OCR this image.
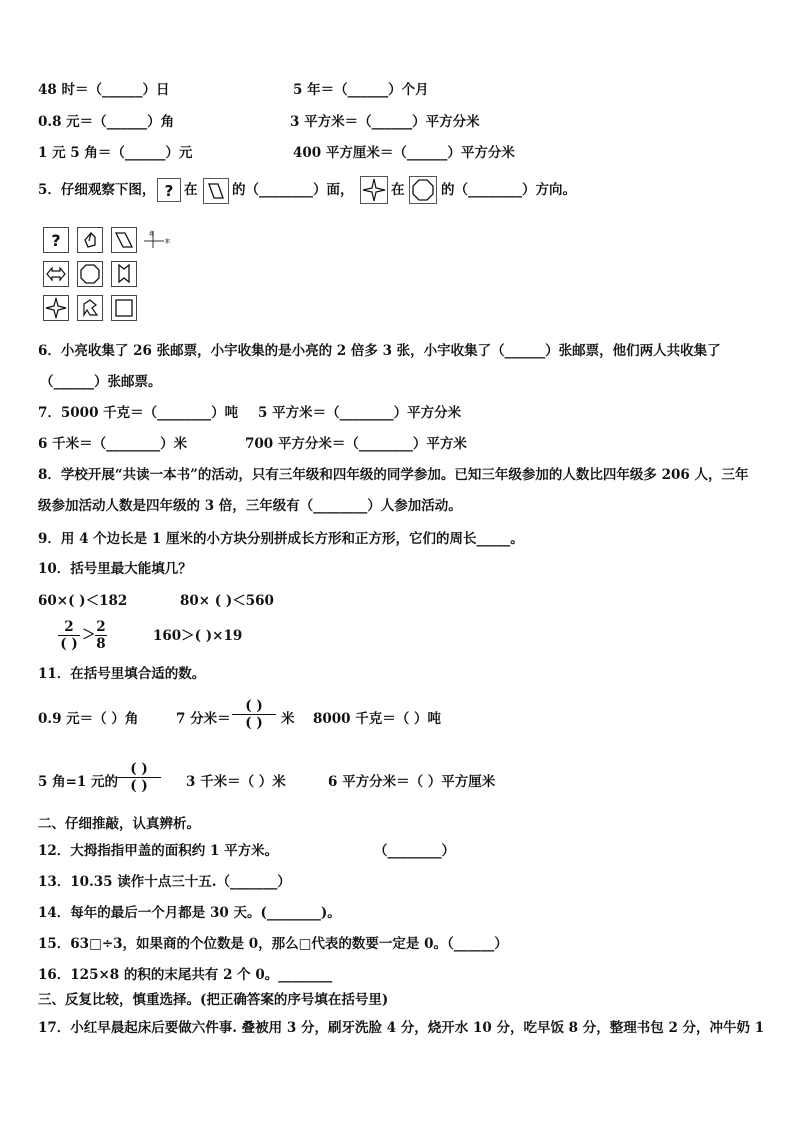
48 时＝（______）日	5 年＝（______）个月
0.8 元＝（______）角	3 平方米＝（______）平方分米
1 元 5 角＝（______）元	400 平方厘米＝（______）平方分米
5．仔细观察下图， ? 在	的（________）面，	在	的（________）方向。
?	北
东
6．小亮收集了 26 张邮票，小宇收集的是小亮的 2 倍多 3 张，小宇收集了（______）张邮票，他们两人共收集了
（______）张邮票。
7．5000 千克＝（________）吨 5 平方米＝（________）平方分米
6 千米＝（________）米	700 平方分米＝（________）平方米
8．学校开展“共读一本书”的活动，只有三年级和四年级的同学参加。已知三年级参加的人数比四年级多 206 人，三年
级参加活动人数是四年级的 3 倍，三年级有（________）人参加活动。
9．用 4 个边长是 1 厘米的小方块分别拼成长方形和正方形，它们的周长_____。
10．括号里最大能填几？
60×( )＜182	80× ( )＜560
2
( )
＞ 2
8	160＞( )×19
11．在括号里填合适的数。
0.9 元＝（ ）角	7 分米＝
( )
( )	米 8000 千克＝（ ）吨
5 角=1 元的
( )
( )	3 千米＝（ ）米	6 平方分米＝（ ）平方厘米
二、仔细推敲，认真辨析。
12．大拇指指甲盖的面积约 1 平方米。	（________）
13．10.35 读作十点三十五.（_______）
14．每年的最后一个月都是 30 天。(________)。
15．63□÷3，如果商的个位数是 0，那么□代表的数要一定是 0。（______）
16．125×8 的积的末尾共有 2 个 0。________
三、反复比较，慎重选择。(把正确答案的序号填在括号里)
17．小红早晨起床后要做六件事. 叠被用 3 分，刷牙洗脸 4 分，烧开水 10 分，吃早饭 8 分，整理书包 2 分，冲牛奶 1
